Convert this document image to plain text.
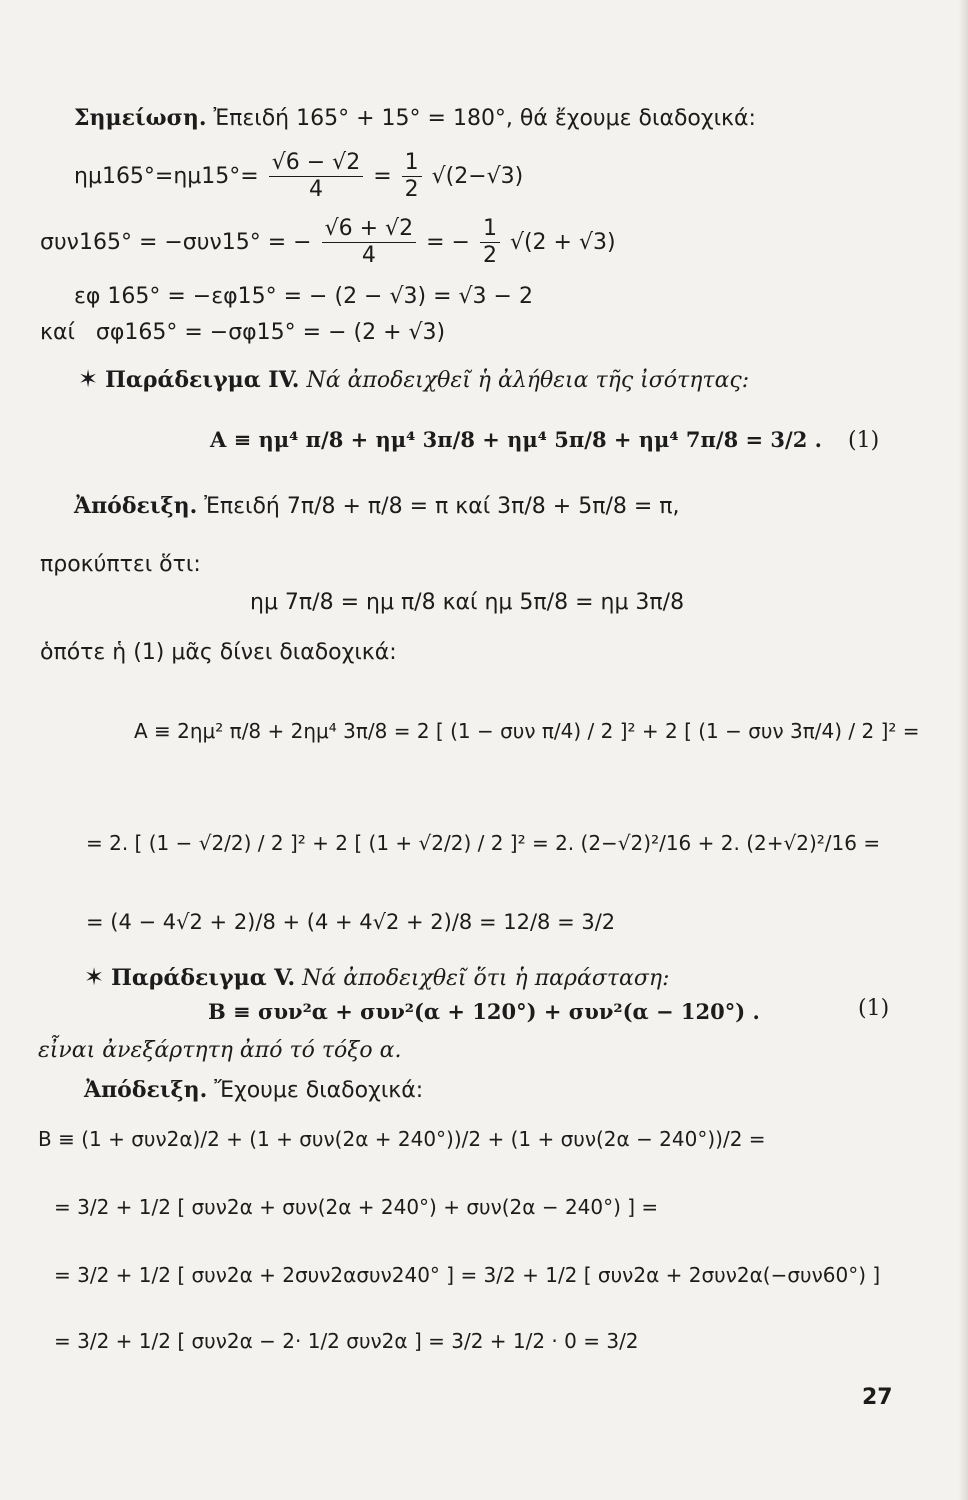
Σημείωση. Ἐπειδή 165° + 15° = 180°, θά ἔχουμε διαδοχικά:
$\eta\mu 165^\circ=\eta\mu 15^\circ= \frac{√6 - √2}{4} = \frac{1}{2} √(2-√3)$
συν165° = −συν15° = − $\frac{√6 + √2}{4}$ = − $\frac{1}{2} √(2 + √3)$
εφ 165° = −εφ15° = − (2 − √3) = √3 − 2
καί σφ165° = −σφ15° = − (2 + √3)
✶ Παράδειγμα IV. Νά ἀποδειχθεῖ ἡ ἀλήθεια τῆς ἰσότητας:
A ≡ ημ⁴ π/8 + ημ⁴ 3π/8 + ημ⁴ 5π/8 + ημ⁴ 7π/8 = 3/2 . (1)
Ἀπόδειξη. Ἐπειδή 7π/8 + π/8 = π καί 3π/8 + 5π/8 = π,
προκύπτει ὅτι:
ημ 7π/8 = ημ π/8 καί ημ 5π/8 = ημ 3π/8
ὁπότε ἡ (1) μᾶς δίνει διαδοχικά:
A ≡ 2ημ² π/8 + 2ημ⁴ 3π/8 = 2 [ (1 − συν π/4) / 2 ]² + 2 [ (1 − συν 3π/4) / 2 ]² =
= 2. [ (1 − √2/2) / 2 ]² + 2 [ (1 + √2/2) / 2 ]² = 2. (2−√2)²/16 + 2. (2+√2)²/16 =
= (4 − 4√2 + 2)/8 + (4 + 4√2 + 2)/8 = 12/8 = 3/2
✶ Παράδειγμα V. Νά ἀποδειχθεῖ ὅτι ἡ παράσταση:
B ≡ συν²α + συν²(α + 120°) + συν²(α − 120°) .	(1)
εἶναι ἀνεξάρτητη ἀπό τό τόξο α.
Ἀπόδειξη. Ἔχουμε διαδοχικά:
B ≡ (1 + συν2α)/2 + (1 + συν(2α + 240°))/2 + (1 + συν(2α − 240°))/2 =
= 3/2 + 1/2 [ συν2α + συν(2α + 240°) + συν(2α − 240°) ] =
= 3/2 + 1/2 [ συν2α + 2συν2ασυν240° ] = 3/2 + 1/2 [ συν2α + 2συν2α(−συν60°) ]
= 3/2 + 1/2 [ συν2α − 2· 1/2 συν2α ] = 3/2 + 1/2 · 0 = 3/2
27
